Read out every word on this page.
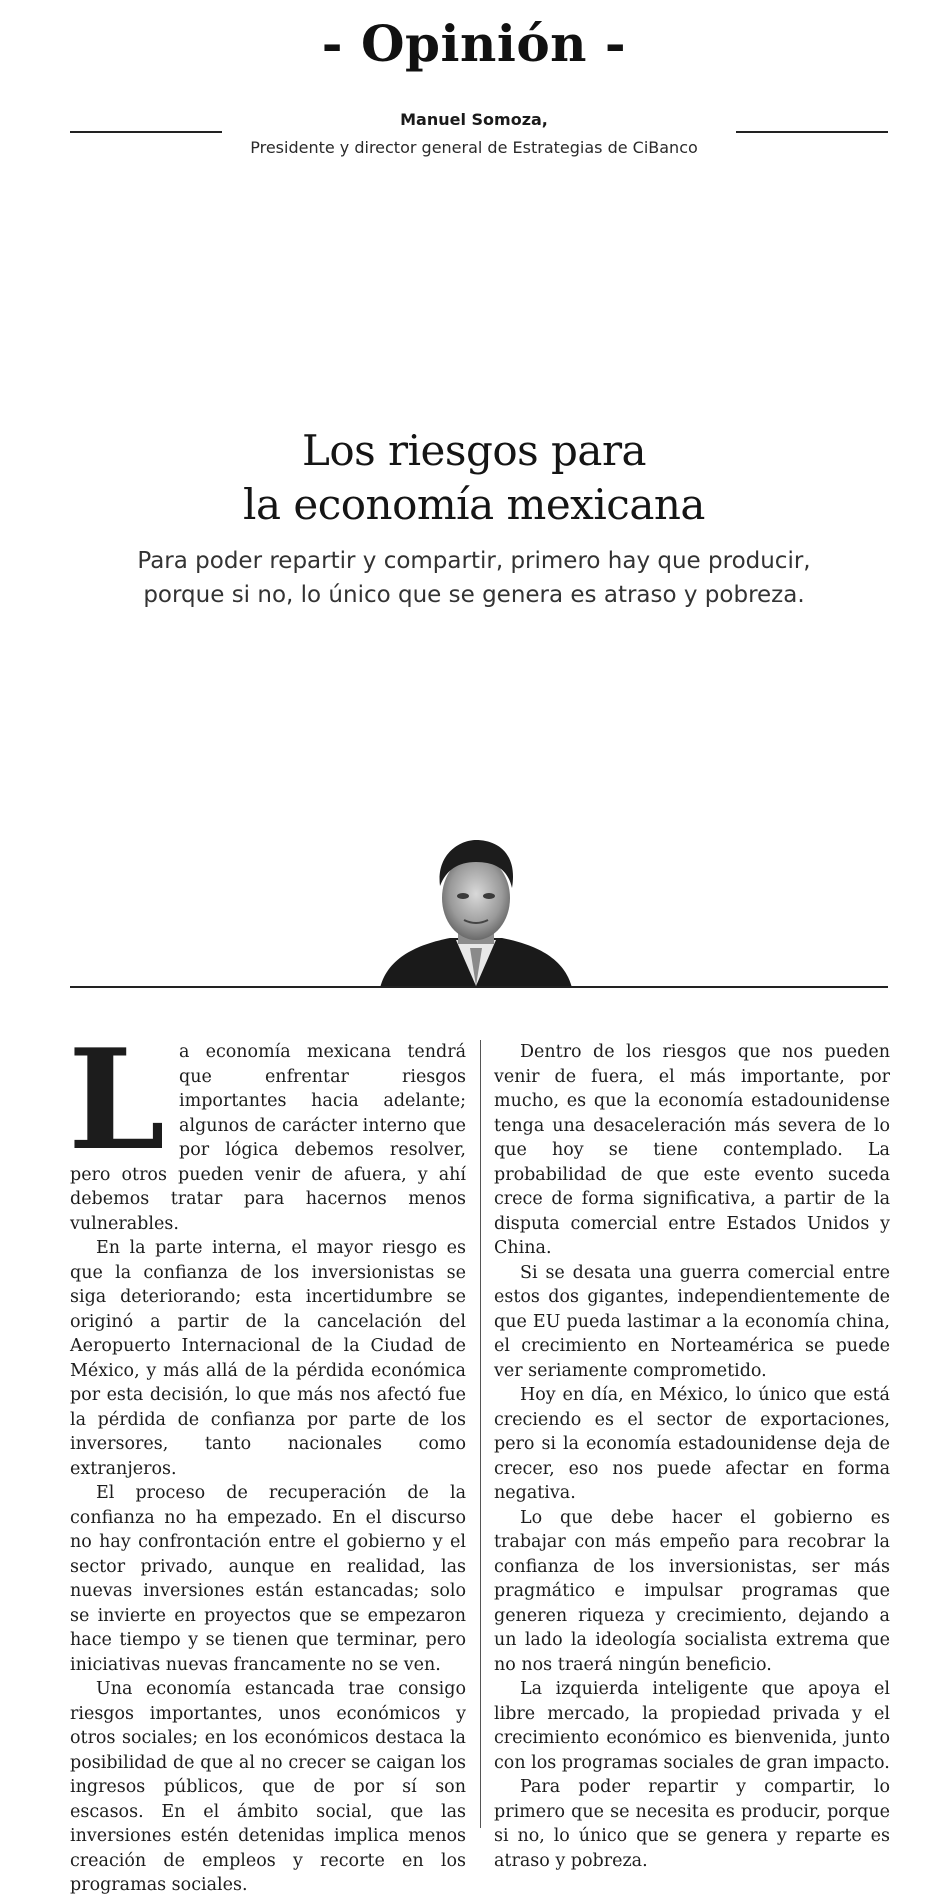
- Opinión -
Manuel Somoza,
Presidente y director general de Estrategias de CiBanco
Los riesgos para
la economía mexicana
Para poder repartir y compartir, primero hay que producir,
porque si no, lo único que se genera es atraso y pobreza.

La economía mexicana tendrá que enfrentar riesgos importantes hacia adelante; algunos de carácter interno que por lógica debemos resolver, pero otros pueden venir de afuera, y ahí debemos tratar para hacernos menos vulnerables.

En la parte interna, el mayor riesgo es que la confianza de los inversionistas se siga deteriorando; esta incertidumbre se originó a partir de la cancelación del Aeropuerto Internacional de la Ciudad de México, y más allá de la pérdida económica por esta decisión, lo que más nos afectó fue la pérdida de confianza por parte de los inversores, tanto nacionales como extranjeros.

El proceso de recuperación de la confianza no ha empezado. En el discurso no hay confrontación entre el gobierno y el sector privado, aunque en realidad, las nuevas inversiones están estancadas; solo se invierte en proyectos que se empezaron hace tiempo y se tienen que terminar, pero iniciativas nuevas francamente no se ven.

Una economía estancada trae consigo riesgos importantes, unos económicos y otros sociales; en los económicos destaca la posibilidad de que al no crecer se caigan los ingresos públicos, que de por sí son escasos. En el ámbito social, que las inversiones estén detenidas implica menos creación de empleos y recorte en los programas sociales.

Dentro de los riesgos que nos pueden venir de fuera, el más importante, por mucho, es que la economía estadounidense tenga una desaceleración más severa de lo que hoy se tiene contemplado. La probabilidad de que este evento suceda crece de forma significativa, a partir de la disputa comercial entre Estados Unidos y China.

Si se desata una guerra comercial entre estos dos gigantes, independientemente de que EU pueda lastimar a la economía china, el crecimiento en Norteamérica se puede ver seriamente comprometido.

Hoy en día, en México, lo único que está creciendo es el sector de exportaciones, pero si la economía estadounidense deja de crecer, eso nos puede afectar en forma negativa.

Lo que debe hacer el gobierno es trabajar con más empeño para recobrar la confianza de los inversionistas, ser más pragmático e impulsar programas que generen riqueza y crecimiento, dejando a un lado la ideología socialista extrema que no nos traerá ningún beneficio.

La izquierda inteligente que apoya el libre mercado, la propiedad privada y el crecimiento económico es bienvenida, junto con los programas sociales de gran impacto.

Para poder repartir y compartir, lo primero que se necesita es producir, porque si no, lo único que se genera y reparte es atraso y pobreza.
